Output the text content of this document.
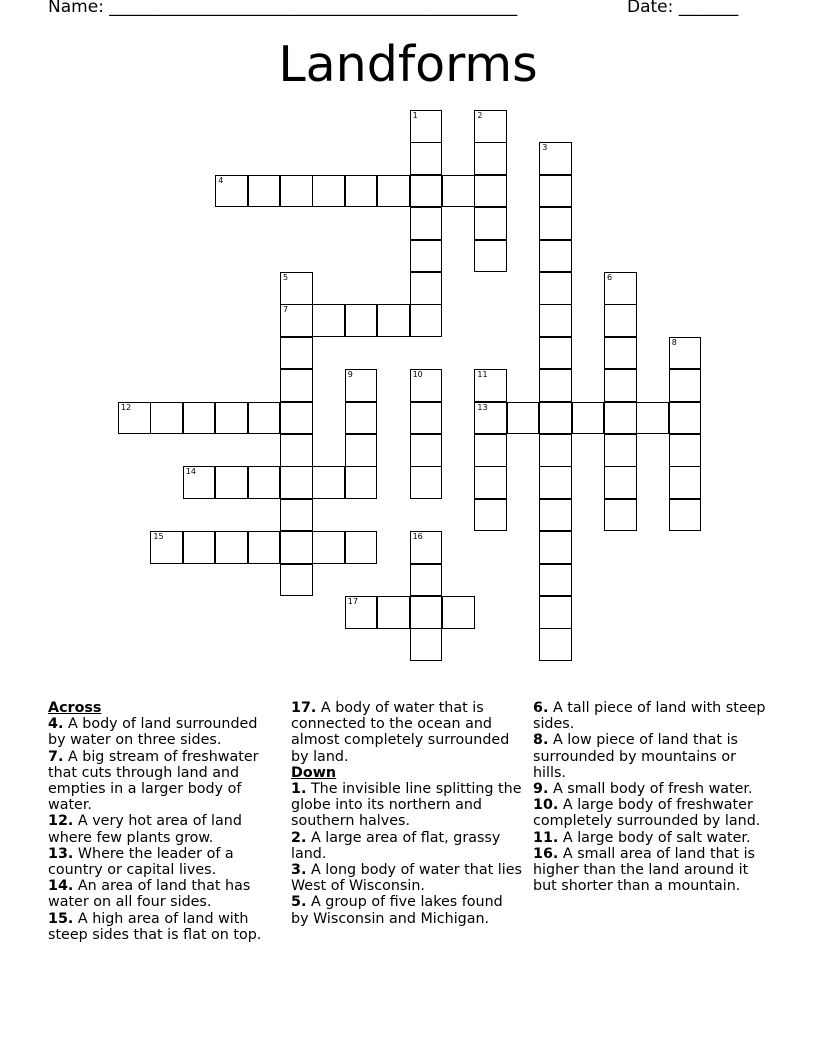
Name: ________________________________________________	Date: _______
Landforms
1	2
3
4
5
7
6
8
9	10	11
13
12
14
15	16
17
Across
4. A body of land surrounded by water on three sides.
7. A big stream of freshwater that cuts through land and empties in a larger body of water.
12. A very hot area of land where few plants grow.
13. Where the leader of a country or capital lives.
14. An area of land that has water on all four sides.
15. A high area of land with steep sides that is flat on top.
17. A body of water that is connected to the ocean and almost completely surrounded by land.
Down
1. The invisible line splitting the globe into its northern and southern halves.
2. A large area of flat, grassy land.
3. A long body of water that lies West of Wisconsin.
5. A group of five lakes found by Wisconsin and Michigan.
6. A tall piece of land with steep sides.
8. A low piece of land that is surrounded by mountains or hills.
9. A small body of fresh water.
10. A large body of freshwater completely surrounded by land.
11. A large body of salt water.
16. A small area of land that is higher than the land around it but shorter than a mountain.
